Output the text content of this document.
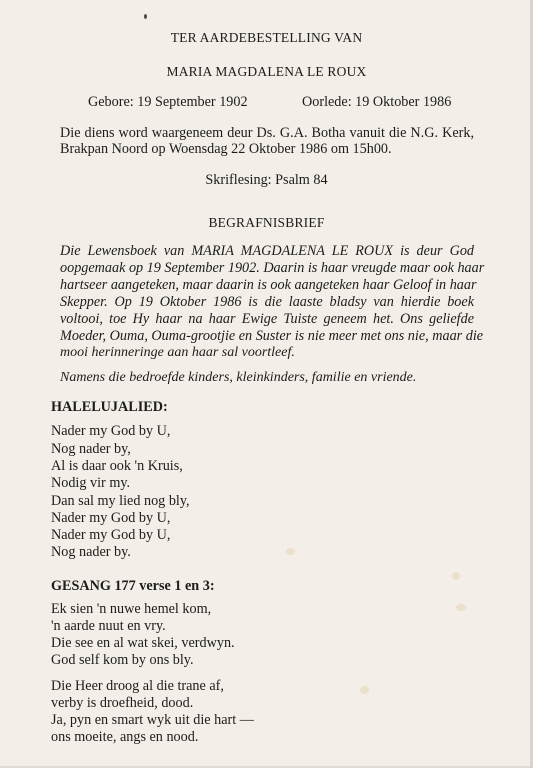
TER AARDEBESTELLING VAN
MARIA MAGDALENA LE ROUX
Gebore: 19 September 1902	Oorlede: 19 Oktober 1986
Die diens word waargeneem deur Ds. G.A. Botha vanuit die N.G. Kerk,
Brakpan Noord op Woensdag 22 Oktober 1986 om 15h00.
Skriflesing: Psalm 84
BEGRAFNISBRIEF
Die Lewensboek van MARIA MAGDALENA LE ROUX is deur God
oopgemaak op 19 September 1902. Daarin is haar vreugde maar ook haar
hartseer aangeteken, maar daarin is ook aangeteken haar Geloof in haar
Skepper. Op 19 Oktober 1986 is die laaste bladsy van hierdie boek
voltooi, toe Hy haar na haar Ewige Tuiste geneem het. Ons geliefde
Moeder, Ouma, Ouma-grootjie en Suster is nie meer met ons nie, maar die
mooi herinneringe aan haar sal voortleef.
Namens die bedroefde kinders, kleinkinders, familie en vriende.
HALELUJALIED:
Nader my God by U,
Nog nader by,
Al is daar ook 'n Kruis,
Nodig vir my.
Dan sal my lied nog bly,
Nader my God by U,
Nader my God by U,
Nog nader by.
GESANG 177 verse 1 en 3:
Ek sien 'n nuwe hemel kom,
'n aarde nuut en vry.
Die see en al wat skei, verdwyn.
God self kom by ons bly.
Die Heer droog al die trane af,
verby is droefheid, dood.
Ja, pyn en smart wyk uit die hart —
ons moeite, angs en nood.
